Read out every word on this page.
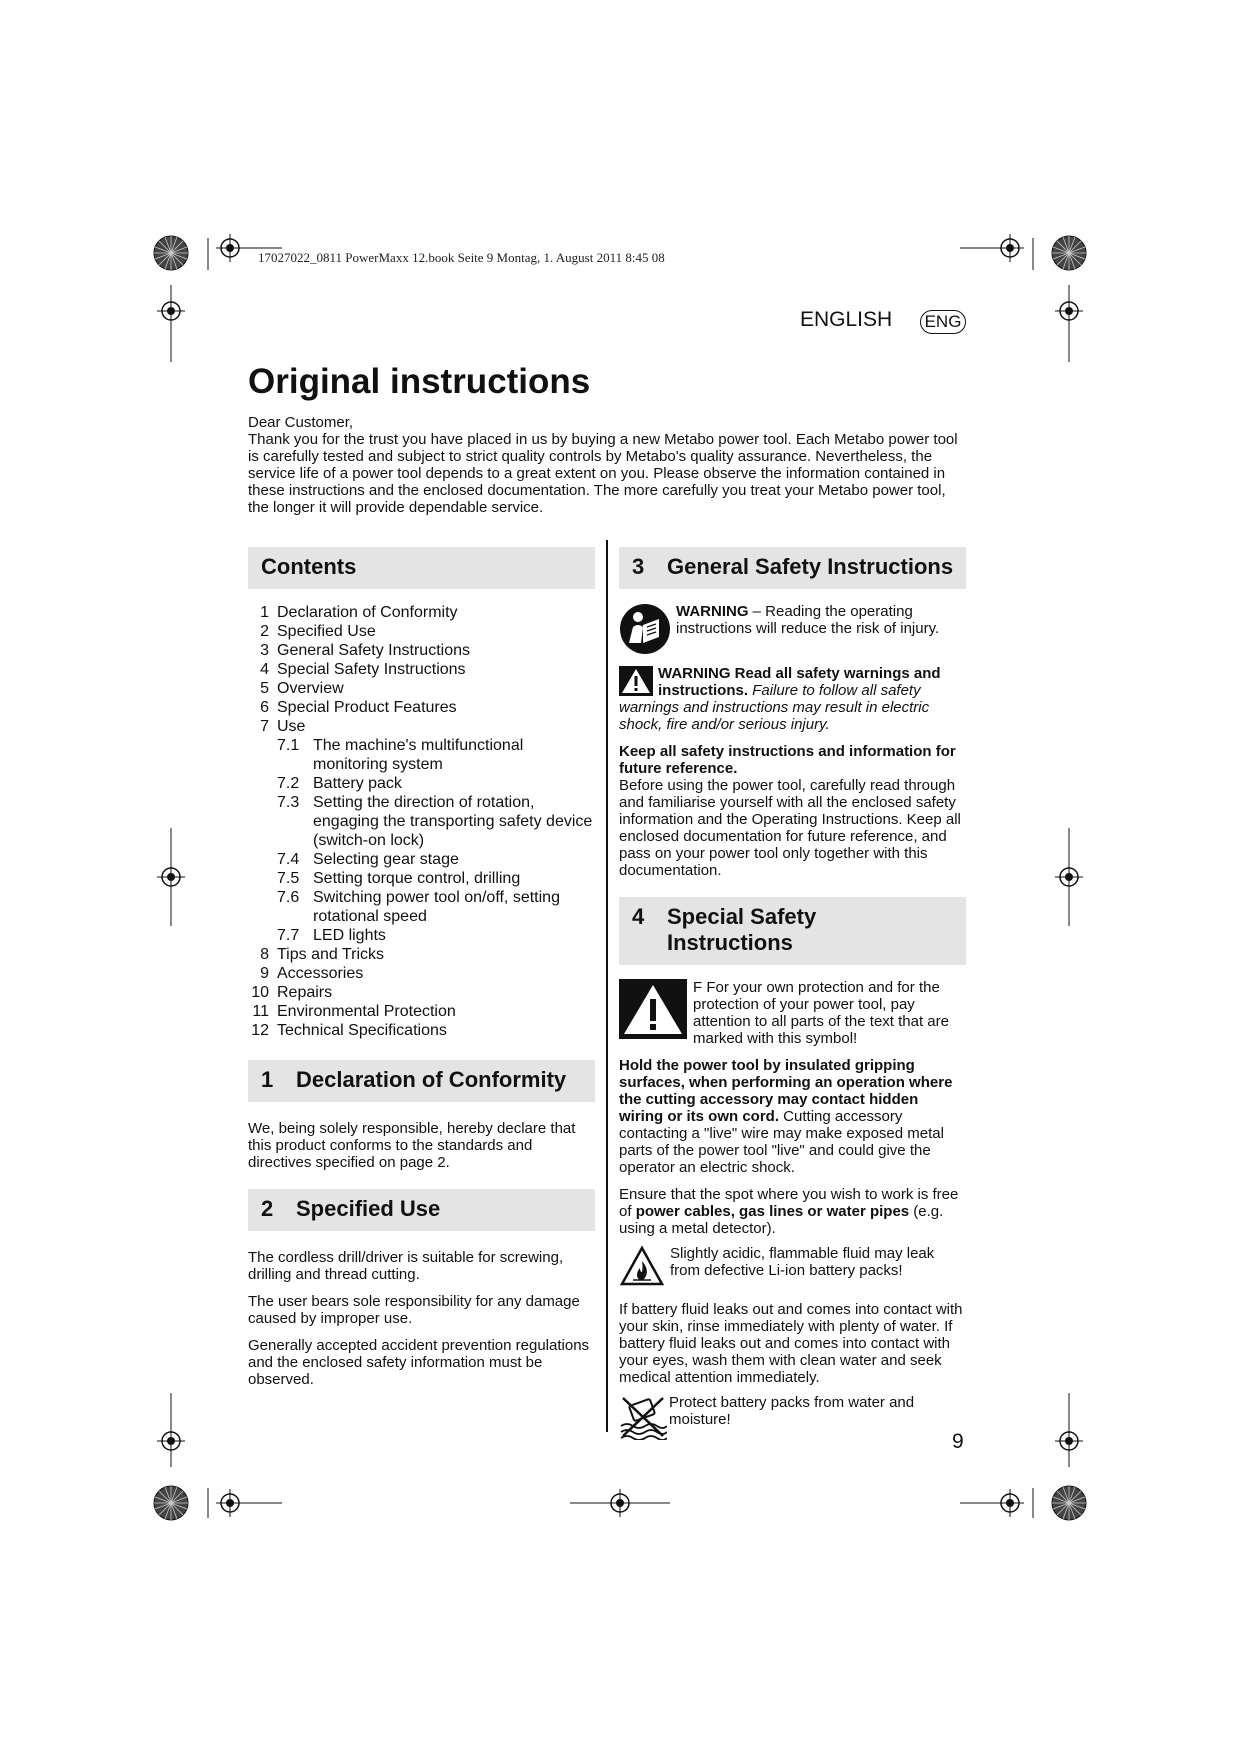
17027022_0811 PowerMaxx 12.book Seite 9 Montag, 1. August 2011 8:45 08
ENGLISH ENG
Original instructions

Dear Customer,

Thank you for the trust you have placed in us by buying a new Metabo power tool. Each Metabo power tool is carefully tested and subject to strict quality controls by Metabo's quality assurance. Nevertheless, the service life of a power tool depends to a great extent on you. Please observe the information contained in these instructions and the enclosed documentation. The more carefully you treat your Metabo power tool, the longer it will provide dependable service.

Contents
1 Declaration of Conformity
2 Specified Use
3 General Safety Instructions
4 Special Safety Instructions
5 Overview
6 Special Product Features
7 Use
7.1 The machine's multifunctional monitoring system
7.2 Battery pack
7.3 Setting the direction of rotation, engaging the transporting safety device (switch-on lock)
7.4 Selecting gear stage
7.5 Setting torque control, drilling
7.6 Switching power tool on/off, setting rotational speed
7.7 LED lights
8 Tips and Tricks
9 Accessories
10 Repairs
11 Environmental Protection
12 Technical Specifications
1	Declaration of Conformity

We, being solely responsible, hereby declare that this product conforms to the standards and directives specified on page 2.

2	Specified Use

The cordless drill/driver is suitable for screwing, drilling and thread cutting.

The user bears sole responsibility for any damage caused by improper use.

Generally accepted accident prevention regulations and the enclosed safety information must be observed.

3	General Safety Instructions

WARNING – Reading the operating instructions will reduce the risk of injury.

WARNING Read all safety warnings and instructions. Failure to follow all safety warnings and instructions may result in electric shock, fire and/or serious injury.

Keep all safety instructions and information for future reference.

Before using the power tool, carefully read through and familiarise yourself with all the enclosed safety information and the Operating Instructions. Keep all enclosed documentation for future reference, and pass on your power tool only together with this documentation.

4	Special Safety Instructions

F For your own protection and for the protection of your power tool, pay attention to all parts of the text that are marked with this symbol!

Hold the power tool by insulated gripping surfaces, when performing an operation where the cutting accessory may contact hidden wiring or its own cord. Cutting accessory contacting a "live" wire may make exposed metal parts of the power tool "live" and could give the operator an electric shock.

Ensure that the spot where you wish to work is free of power cables, gas lines or water pipes (e.g. using a metal detector).

Slightly acidic, flammable fluid may leak from defective Li-ion battery packs!

If battery fluid leaks out and comes into contact with your skin, rinse immediately with plenty of water. If battery fluid leaks out and comes into contact with your eyes, wash them with clean water and seek medical attention immediately.

Protect battery packs from water and moisture!

9
